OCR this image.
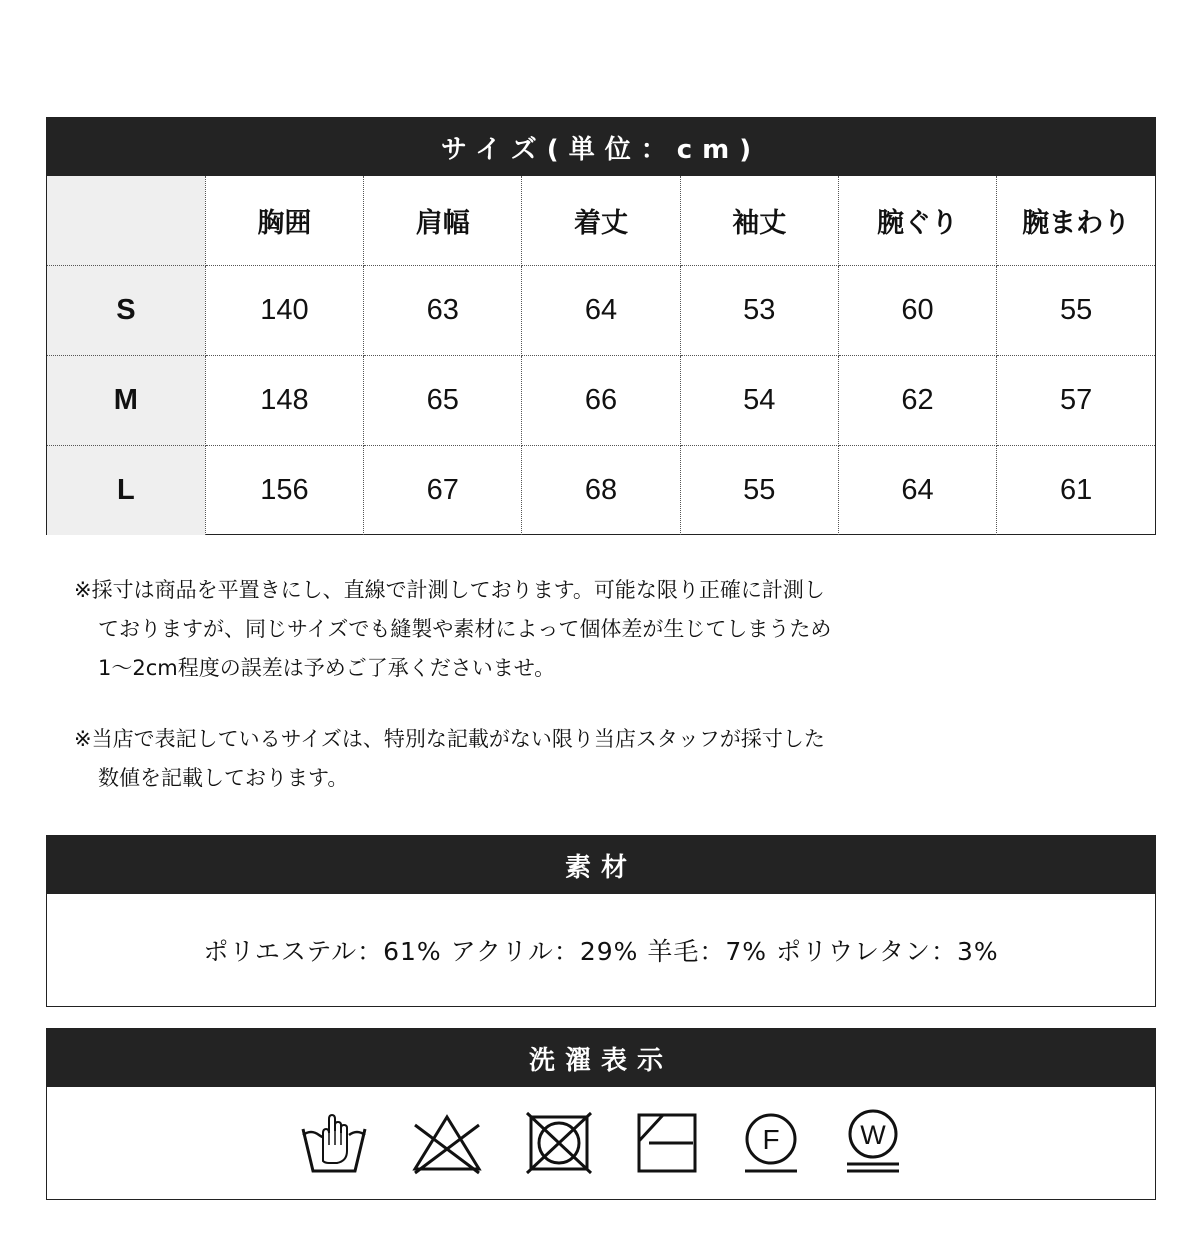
サイズ(単位：cm)
	胸囲	肩幅	着丈	袖丈	腕ぐり	腕まわり
S	140	63	64	53	60	55
M	148	65	66	54	62	57
L	156	67	68	55	64	61

※採寸は商品を平置きにし、直線で計測しております。可能な限り正確に計測し

ておりますが、同じサイズでも縫製や素材によって個体差が生じてしまうため

1〜2cm程度の誤差は予めご了承くださいませ。

※当店で表記しているサイズは、特別な記載がない限り当店スタッフが採寸した

数値を記載しております。

素材
ポリエステル：61% アクリル：29% 羊毛：7% ポリウレタン：3%
洗濯表示
F	W
